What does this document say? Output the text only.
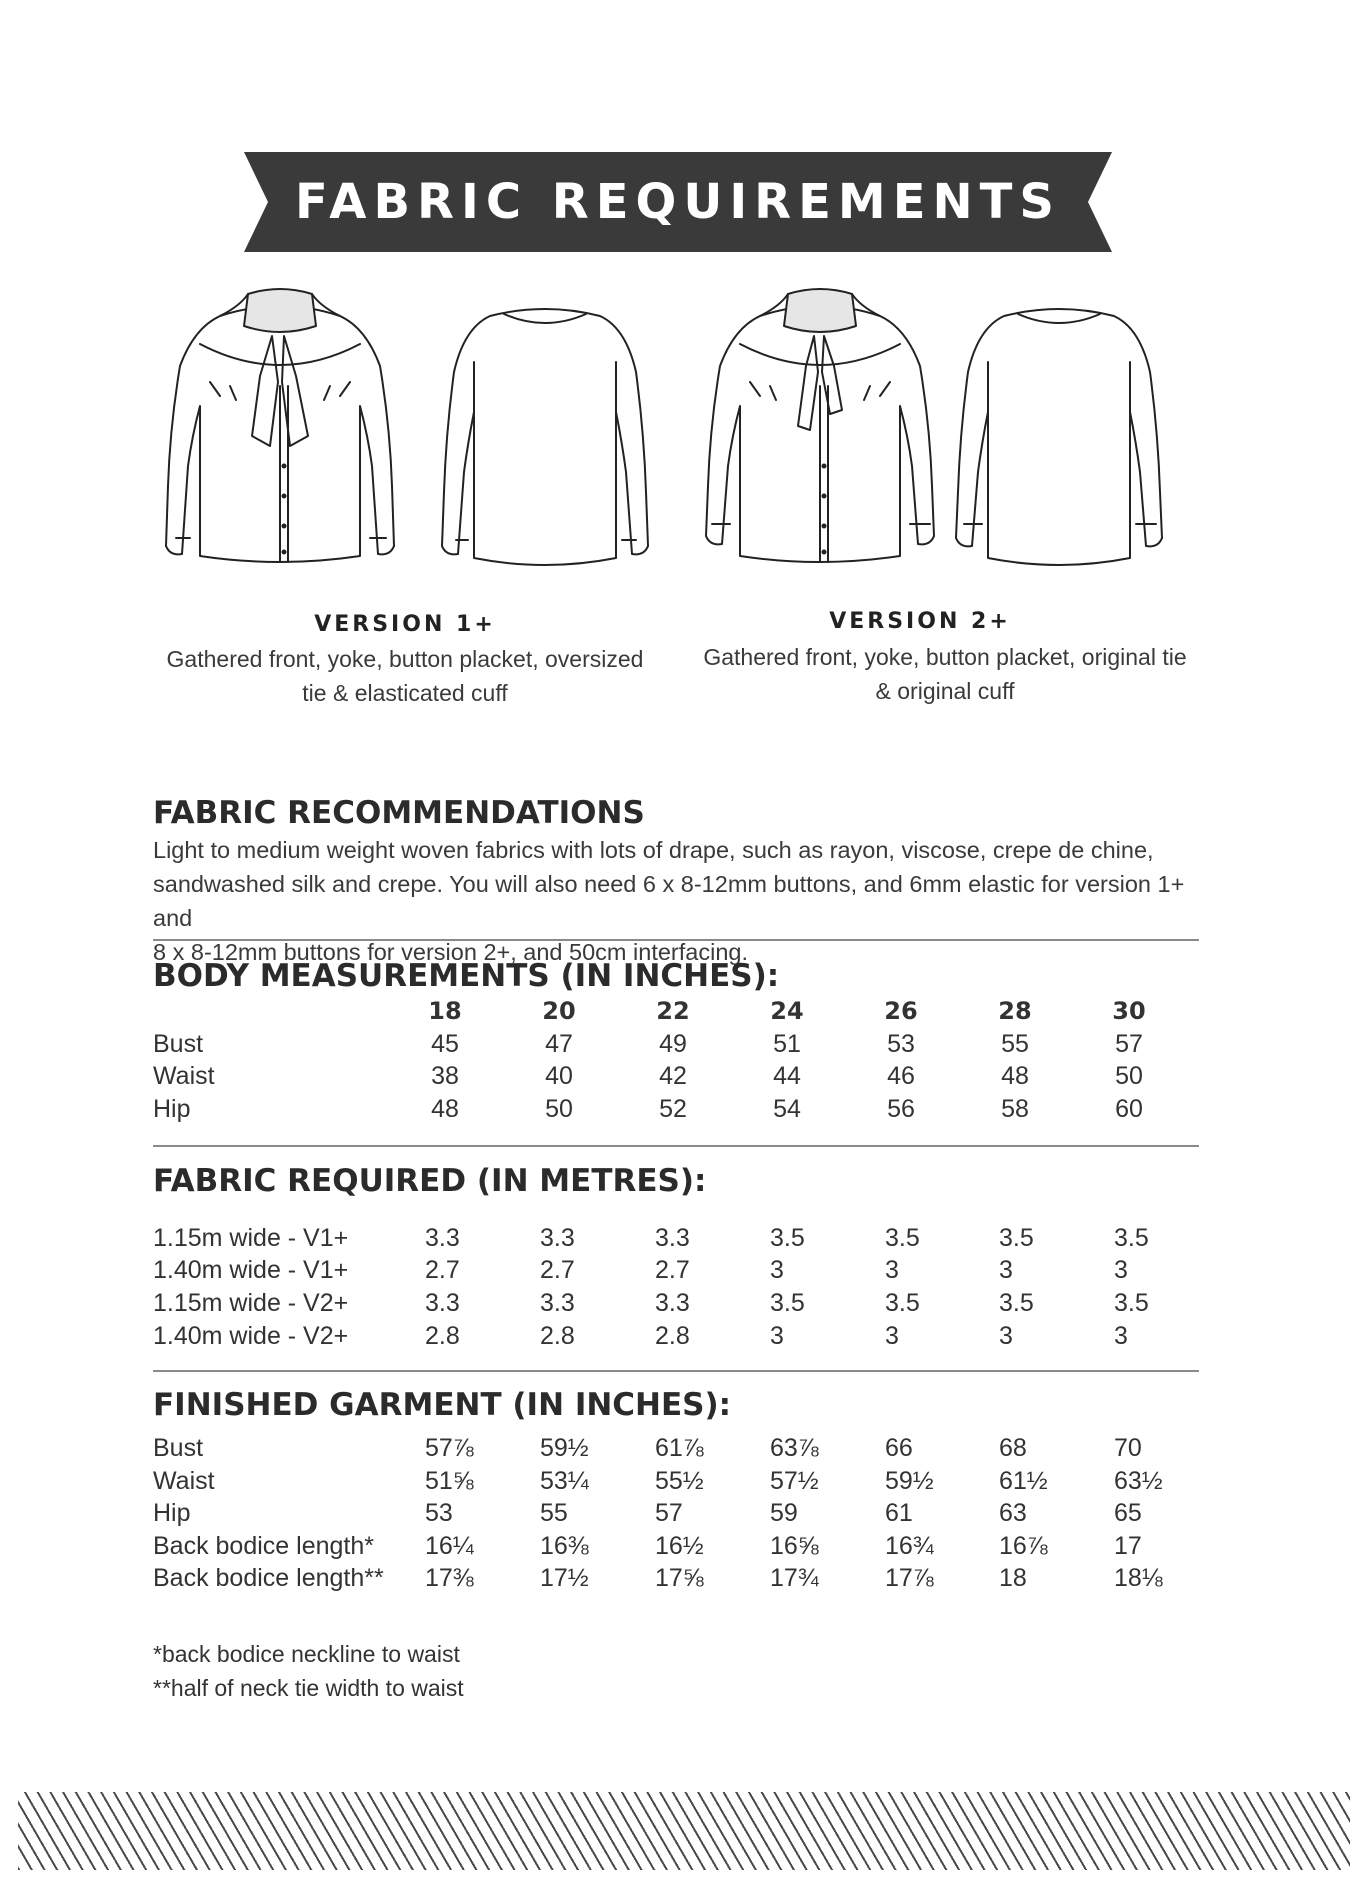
FABRIC REQUIREMENTS
VERSION 1+
Gathered front, yoke, button placket, oversized
tie & elasticated cuff
VERSION 2+
Gathered front, yoke, button placket, original tie
& original cuff
FABRIC RECOMMENDATIONS
Light to medium weight woven fabrics with lots of drape, such as rayon, viscose, crepe de chine,
sandwashed silk and crepe. You will also need 6 x 8-12mm buttons, and 6mm elastic for version 1+ and
8 x 8-12mm buttons for version 2+, and 50cm interfacing.
BODY MEASUREMENTS (IN INCHES):
18	20	22	24	26	28	30
Bust	45	47	49	51	53	55	57
Waist	38	40	42	44	46	48	50
Hip	48	50	52	54	56	58	60
FABRIC REQUIRED (IN METRES):
1.15m wide - V1+	3.3	3.3	3.3	3.5	3.5	3.5	3.5
1.40m wide - V1+	2.7	2.7	2.7	3	3	3	3
1.15m wide - V2+	3.3	3.3	3.3	3.5	3.5	3.5	3.5
1.40m wide - V2+	2.8	2.8	2.8	3	3	3	3
FINISHED GARMENT (IN INCHES):
Bust	57⅞	59½	61⅞	63⅞	66	68	70
Waist	51⅝	53¼	55½	57½	59½	61½	63½
Hip	53	55	57	59	61	63	65
Back bodice length* 16¼	16⅜	16½	16⅝	16¾	16⅞	17
Back bodice length** 17⅜	17½	17⅝	17¾	17⅞	18	18⅛
*back bodice neckline to waist
**half of neck tie width to waist
